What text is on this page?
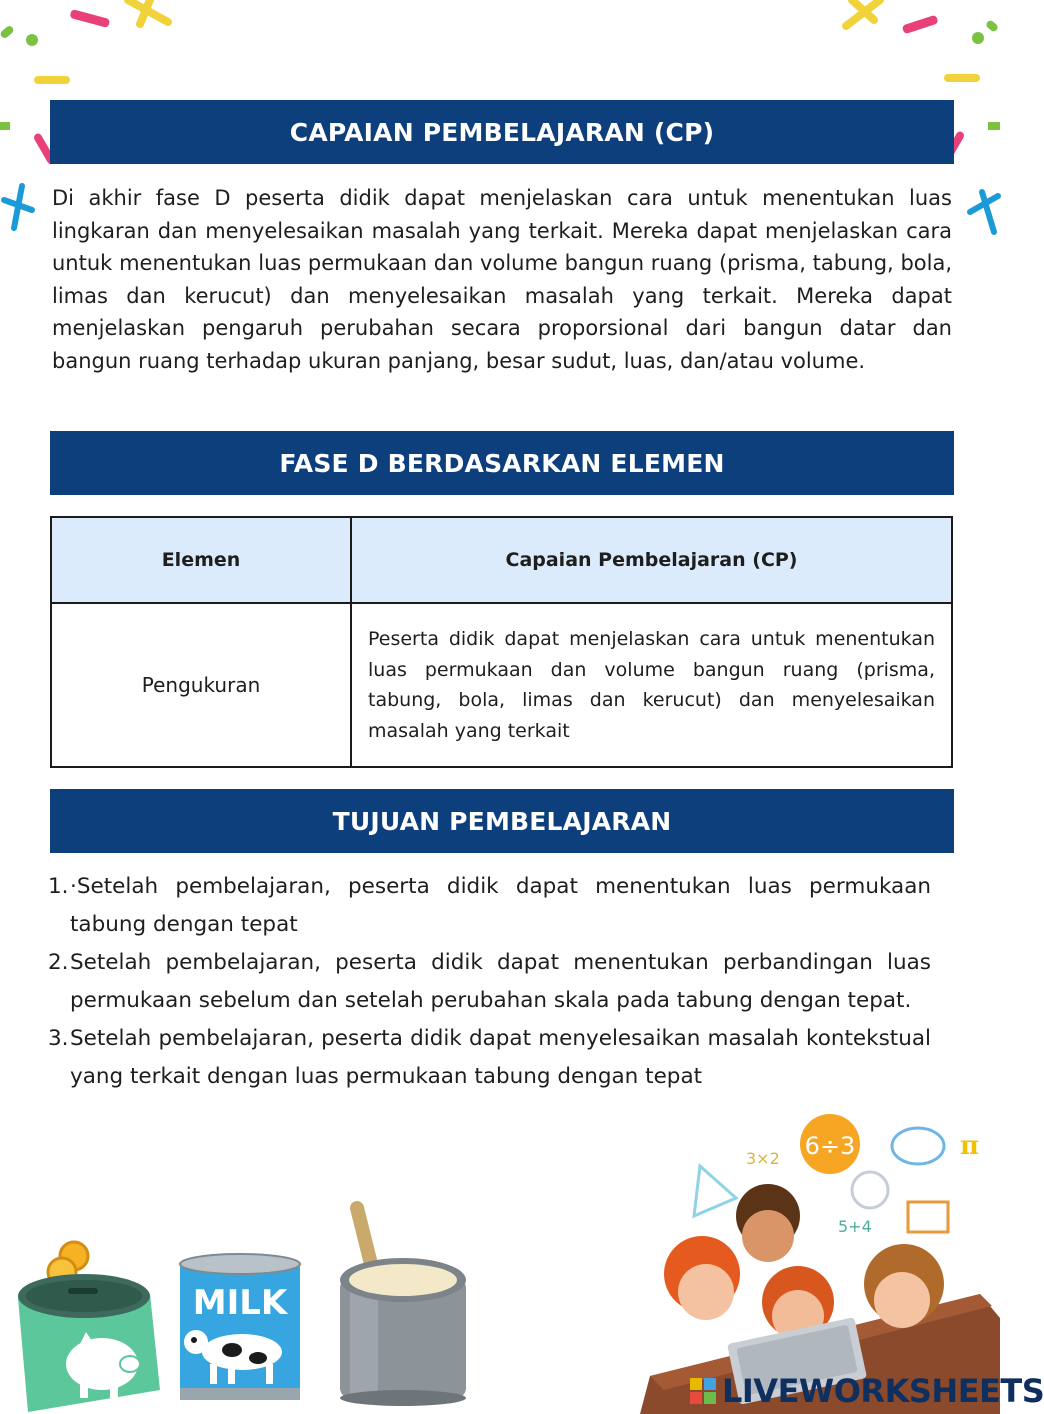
CAPAIAN PEMBELAJARAN (CP)
Di akhir fase D peserta didik dapat menjelaskan cara untuk menentukan luas lingkaran dan menyelesaikan masalah yang terkait. Mereka dapat menjelaskan cara untuk menentukan luas permukaan dan volume bangun ruang (prisma, tabung, bola, limas dan kerucut) dan menyelesaikan masalah yang terkait. Mereka dapat menjelaskan pengaruh perubahan secara proporsional dari bangun datar dan bangun ruang terhadap ukuran panjang, besar sudut, luas, dan/atau volume.
FASE D BERDASARKAN ELEMEN
Elemen	Capaian Pembelajaran (CP)
Pengukuran	Peserta didik dapat menjelaskan cara untuk menentukan luas permukaan dan volume bangun ruang (prisma, tabung, bola, limas dan kerucut) dan menyelesaikan masalah yang terkait
TUJUAN PEMBELAJARAN
1. ·Setelah pembelajaran, peserta didik dapat menentukan luas permukaan tabung dengan tepat
2. Setelah pembelajaran, peserta didik dapat menentukan perbandingan luas permukaan sebelum dan setelah perubahan skala pada tabung dengan tepat.
3. Setelah pembelajaran, peserta didik dapat menyelesaikan masalah kontekstual yang terkait dengan luas permukaan tabung dengan tepat
MILK
3×2 6÷3
5+4
π
LIVEWORKSHEETS
